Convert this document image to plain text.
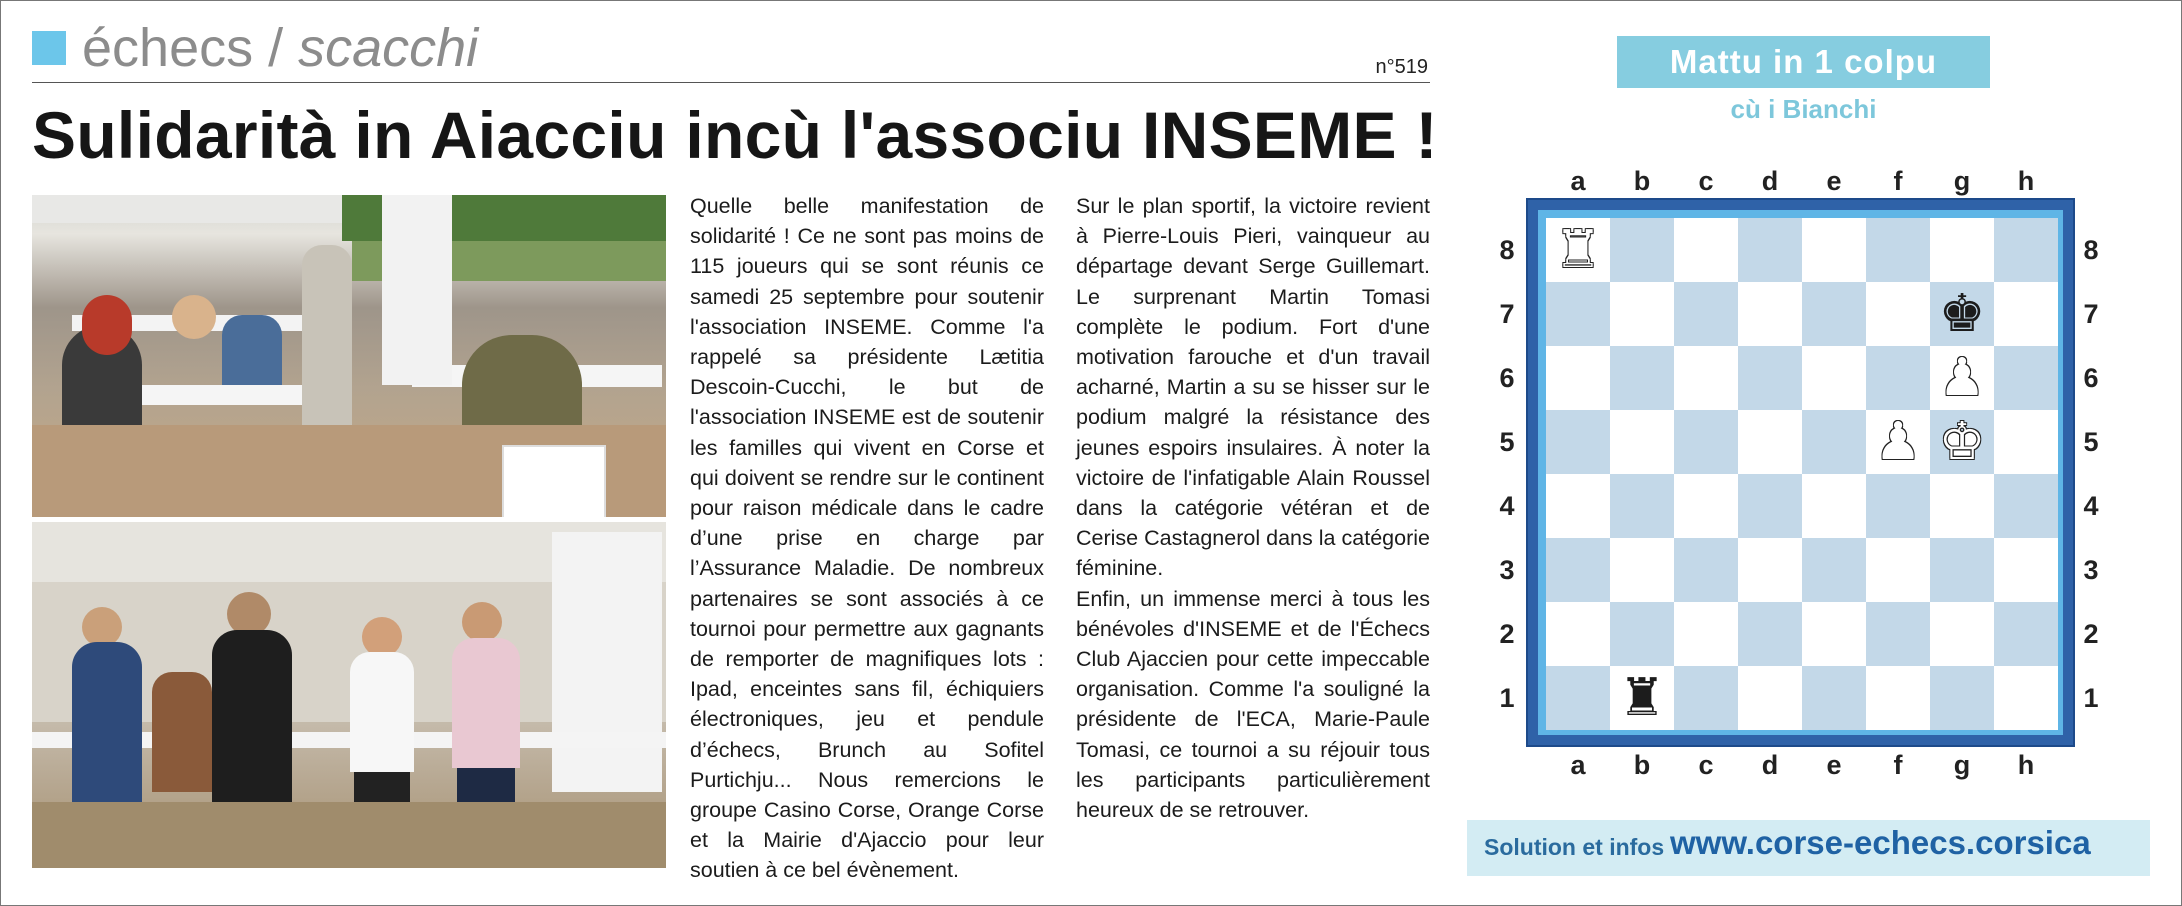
échecs / scacchi	n°519
Sulidarità in Aiacciu incù l'associu INSEME !

Quelle belle manifestation de solidarité ! Ce ne sont pas moins de 115 joueurs qui se sont réunis ce samedi 25 septembre pour soutenir l'association INSEME. Comme l'a rappelé sa présidente Lætitia Descoin-Cucchi, le but de l'association INSEME est de soutenir les familles qui vivent en Corse et qui doivent se rendre sur le continent pour raison médicale dans le cadre d’une prise en charge par l’Assurance Maladie. De nombreux partenaires se sont associés à ce tournoi pour permettre aux gagnants de remporter de magnifiques lots : Ipad, enceintes sans fil, échiquiers électroniques, jeu et pendule d’échecs, Brunch au Sofitel Purtichju... Nous remercions le groupe Casino Corse, Orange Corse et la Mairie d'Ajaccio pour leur soutien à ce bel évènement.

Sur le plan sportif, la victoire revient à Pierre-Louis Pieri, vainqueur au départage devant Serge Guillemart. Le surprenant Martin Tomasi complète le podium. Fort d'une motivation farouche et d'un travail acharné, Martin a su se hisser sur le podium malgré la résistance des jeunes espoirs insulaires. À noter la victoire de l'infatigable Alain Roussel dans la catégorie vétéran et de Cerise Castagnerol dans la catégorie féminine.

Enfin, un immense merci à tous les bénévoles d'INSEME et de l'Échecs Club Ajaccien pour cette impeccable organisation. Comme l'a souligné la présidente de l'ECA, Marie-Paule Tomasi, ce tournoi a su réjouir tous les participants particulièrement heureux de se retrouver.

Mattu in 1 colpu
cù i Bianchi
a
a
b
b
c
c
d
d
e
e
f
f
g
g
h
h
8	8
7	7
6	6
5	5
4	4
3	3
2	2
1	1
♜
♚
♟
♟ ♚
♜
Solution et infos www.corse-echecs.corsica
